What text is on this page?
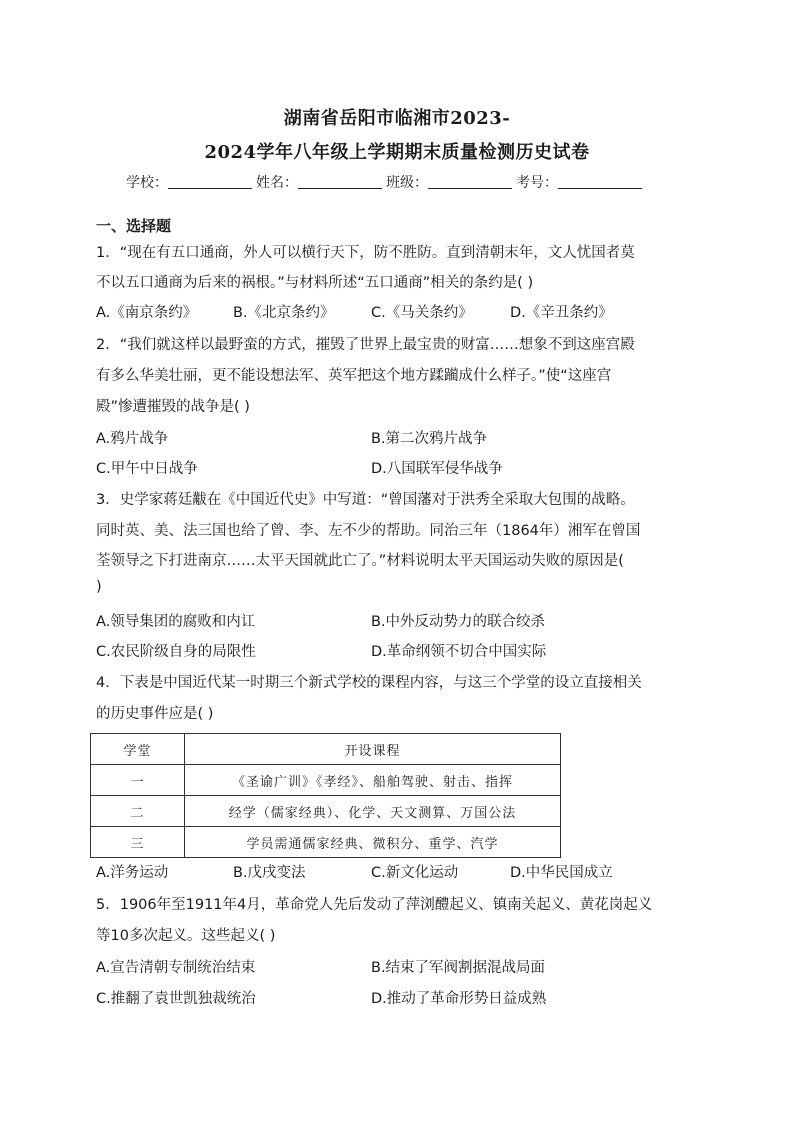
湖南省岳阳市临湘市2023-
2024学年八年级上学期期末质量检测历史试卷
学校：	姓名：	班级：	考号：
一、选择题
1．“现在有五口通商，外人可以横行天下，防不胜防。直到清朝末年，文人忧国者莫
不以五口通商为后来的祸根。”与材料所述“五口通商”相关的条约是( )
A.《南京条约》 B.《北京条约》	C.《马关条约》	D.《辛丑条约》
2．“我们就这样以最野蛮的方式，摧毁了世界上最宝贵的财富……想象不到这座宫殿
有多么华美壮丽，更不能设想法军、英军把这个地方蹂躏成什么样子。”使“这座宫
殿”惨遭摧毁的战争是( )
A.鸦片战争	B.第二次鸦片战争
C.甲午中日战争	D.八国联军侵华战争
3．史学家蒋廷黻在《中国近代史》中写道：“曾国藩对于洪秀全采取大包围的战略。
同时英、美、法三国也给了曾、李、左不少的帮助。同治三年（1864年）湘军在曾国
荃领导之下打进南京……太平天国就此亡了。”材料说明太平天国运动失败的原因是(
)
A.领导集团的腐败和内讧	B.中外反动势力的联合绞杀
C.农民阶级自身的局限性	D.革命纲领不切合中国实际
4．下表是中国近代某一时期三个新式学校的课程内容，与这三个学堂的设立直接相关
的历史事件应是( )
学堂	开设课程
一	《圣谕广训》《孝经》、船舶驾驶、射击、指挥
二	经学（儒家经典）、化学、天文测算、万国公法
三	学员需通儒家经典、微积分、重学、汽学
A.洋务运动	B.戊戌变法	C.新文化运动	D.中华民国成立
5．1906年至1911年4月，革命党人先后发动了萍浏醴起义、镇南关起义、黄花岗起义
等10多次起义。这些起义( )
A.宣告清朝专制统治结束	B.结束了军阀割据混战局面
C.推翻了袁世凯独裁统治	D.推动了革命形势日益成熟
